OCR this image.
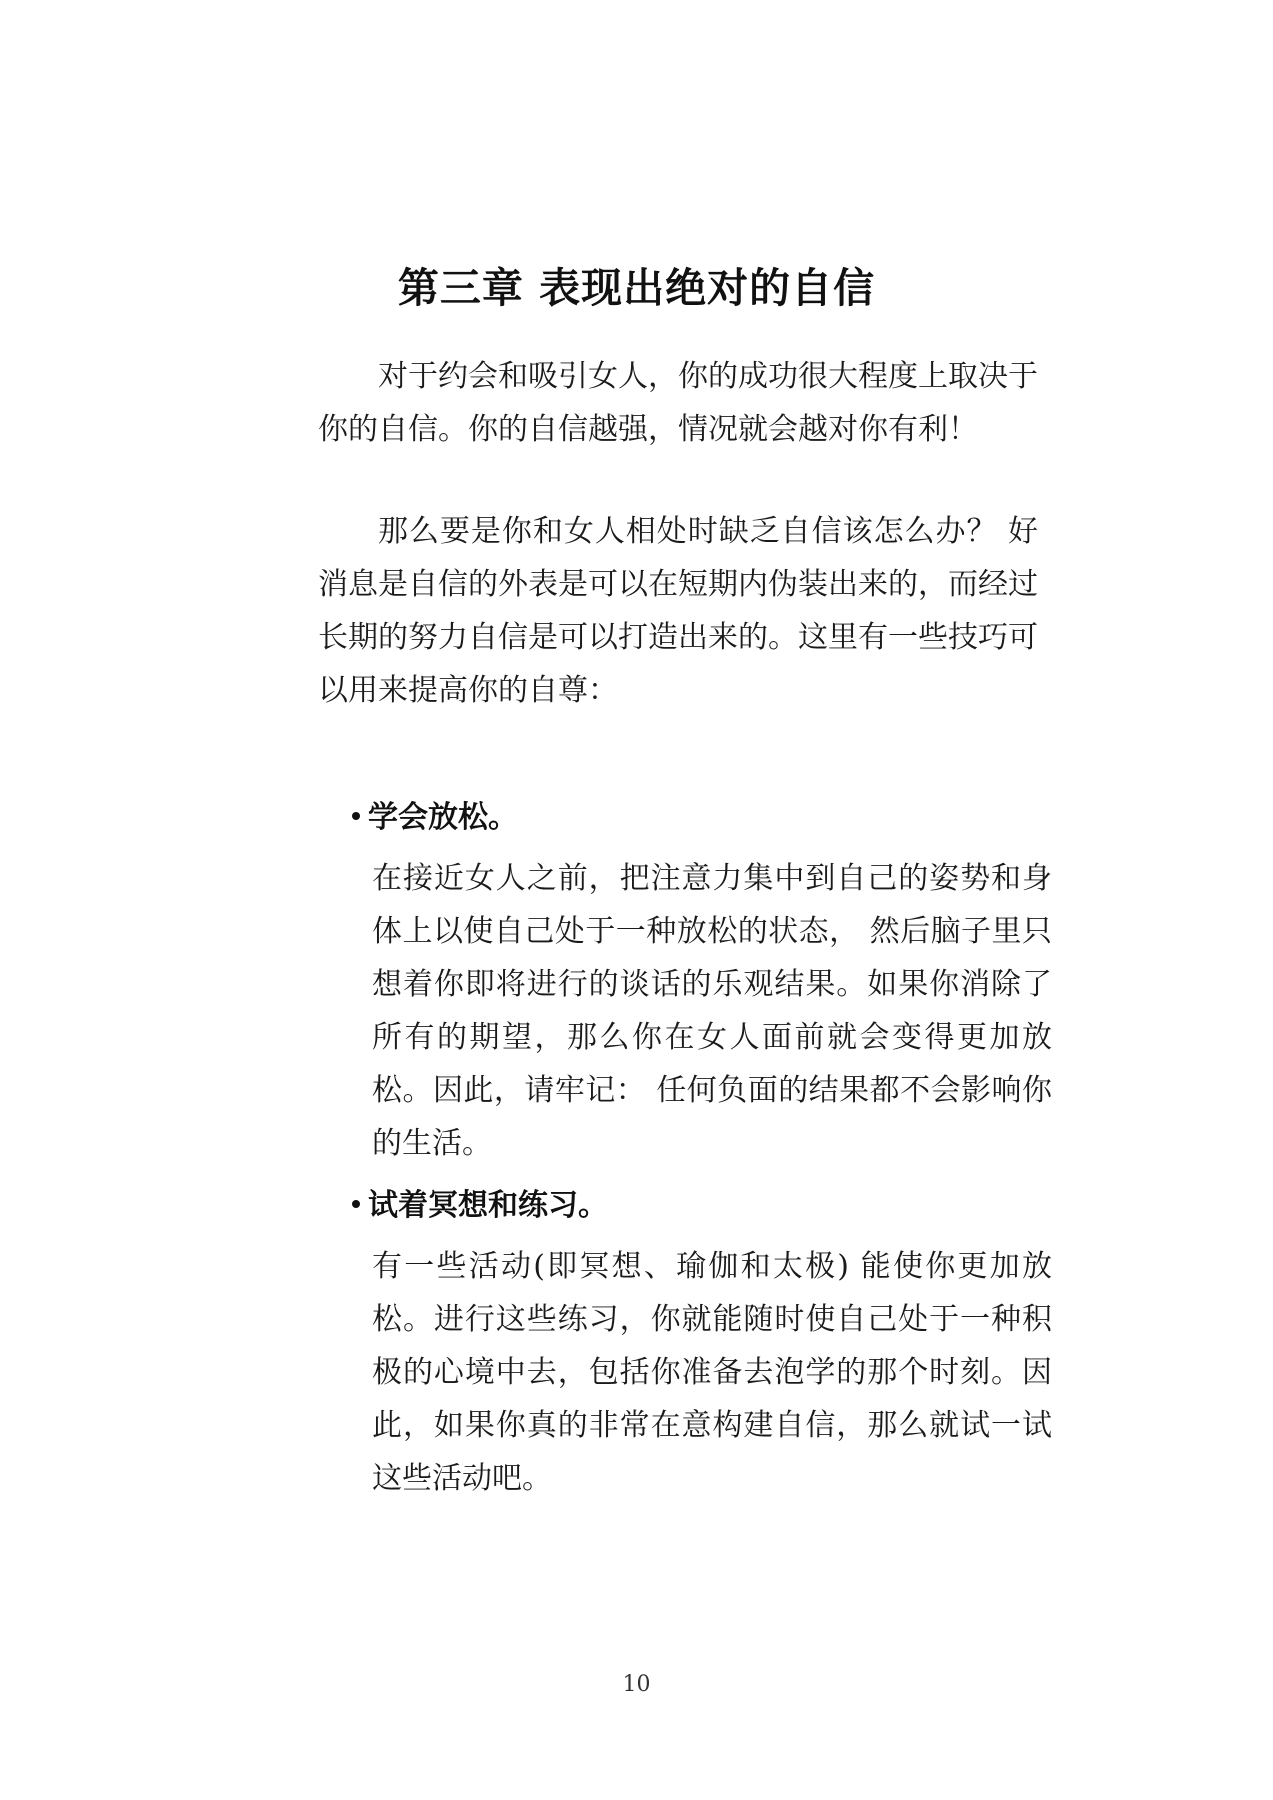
第三章 表现出绝对的自信

对于约会和吸引女人，你的成功很大程度上取决于你的自信。你的自信越强，情况就会越对你有利！

那么要是你和女人相处时缺乏自信该怎么办？ 好消息是自信的外表是可以在短期内伪装出来的，而经过长期的努力自信是可以打造出来的。这里有一些技巧可以用来提高你的自尊：

学会放松。

在接近女人之前，把注意力集中到自己的姿势和身体上以使自己处于一种放松的状态， 然后脑子里只想着你即将进行的谈话的乐观结果。如果你消除了所有的期望，那么你在女人面前就会变得更加放松。因此，请牢记： 任何负面的结果都不会影响你的生活。

试着冥想和练习。

有一些活动(即冥想、瑜伽和太极) 能使你更加放松。进行这些练习，你就能随时使自己处于一种积极的心境中去，包括你准备去泡学的那个时刻。因此，如果你真的非常在意构建自信，那么就试一试这些活动吧。

10
